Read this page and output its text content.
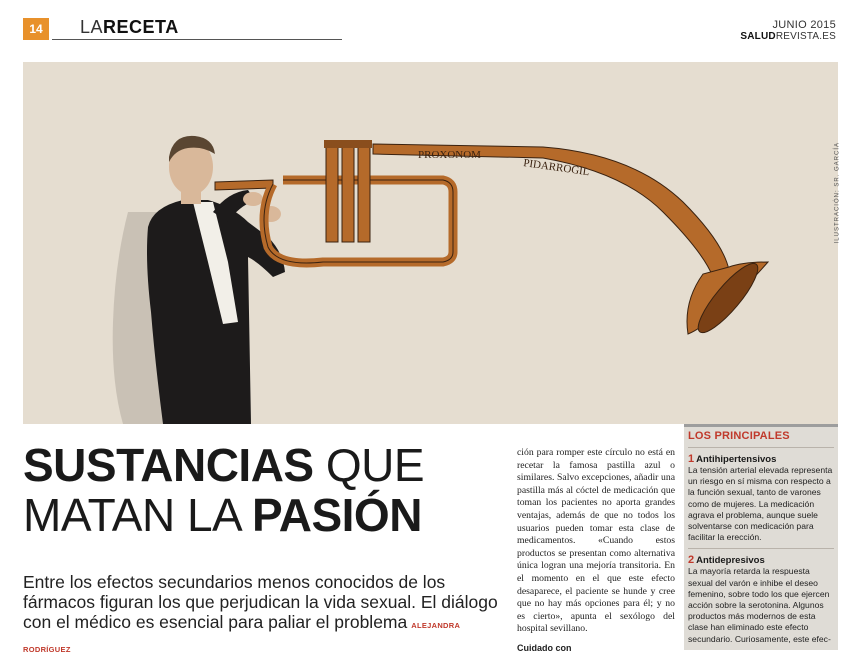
14	LARECETA	JUNIO 2015
SALUDREVISTA.ES
PROXONOM
PIDARROGIL	ILUSTRACIÓN: SR. GARCÍA
SUSTANCIAS QUE
MATAN LA PASIÓN
Entre los efectos secundarios menos conocidos de los fármacos figuran los que perjudican la vida sexual. El diálogo con el médico es esencial para paliar el problema ALEJANDRA RODRÍGUEZ
ción para romper este círculo no está en recetar la famosa pastilla azul o similares. Salvo excepciones, añadir una pastilla más al cóctel de medicación que toman los pacientes no aporta grandes ventajas, además de que no todos los usuarios pueden tomar esta clase de medicamentos. «Cuando estos productos se presentan como alternativa única logran una mejoría transitoria. En el momento en el que este efecto desaparece, el paciente se hunde y cree que no hay más opciones para él; y no es cierto», apunta el sexólogo del hospital sevillano.
Cuidado con
LOS PRINCIPALES
1 Antihipertensivos
La tensión arterial elevada representa un riesgo en sí misma con respecto a la función sexual, tanto de varones como de mujeres. La medicación agrava el problema, aunque suele solventarse con medicación para facilitar la erección.
2 Antidepresivos
La mayoría retarda la respuesta sexual del varón e inhibe el deseo femenino, sobre todo los que ejercen acción sobre la serotonina. Algunos productos más modernos de esta clase han eliminado este efecto secundario. Curiosamente, este efec-
